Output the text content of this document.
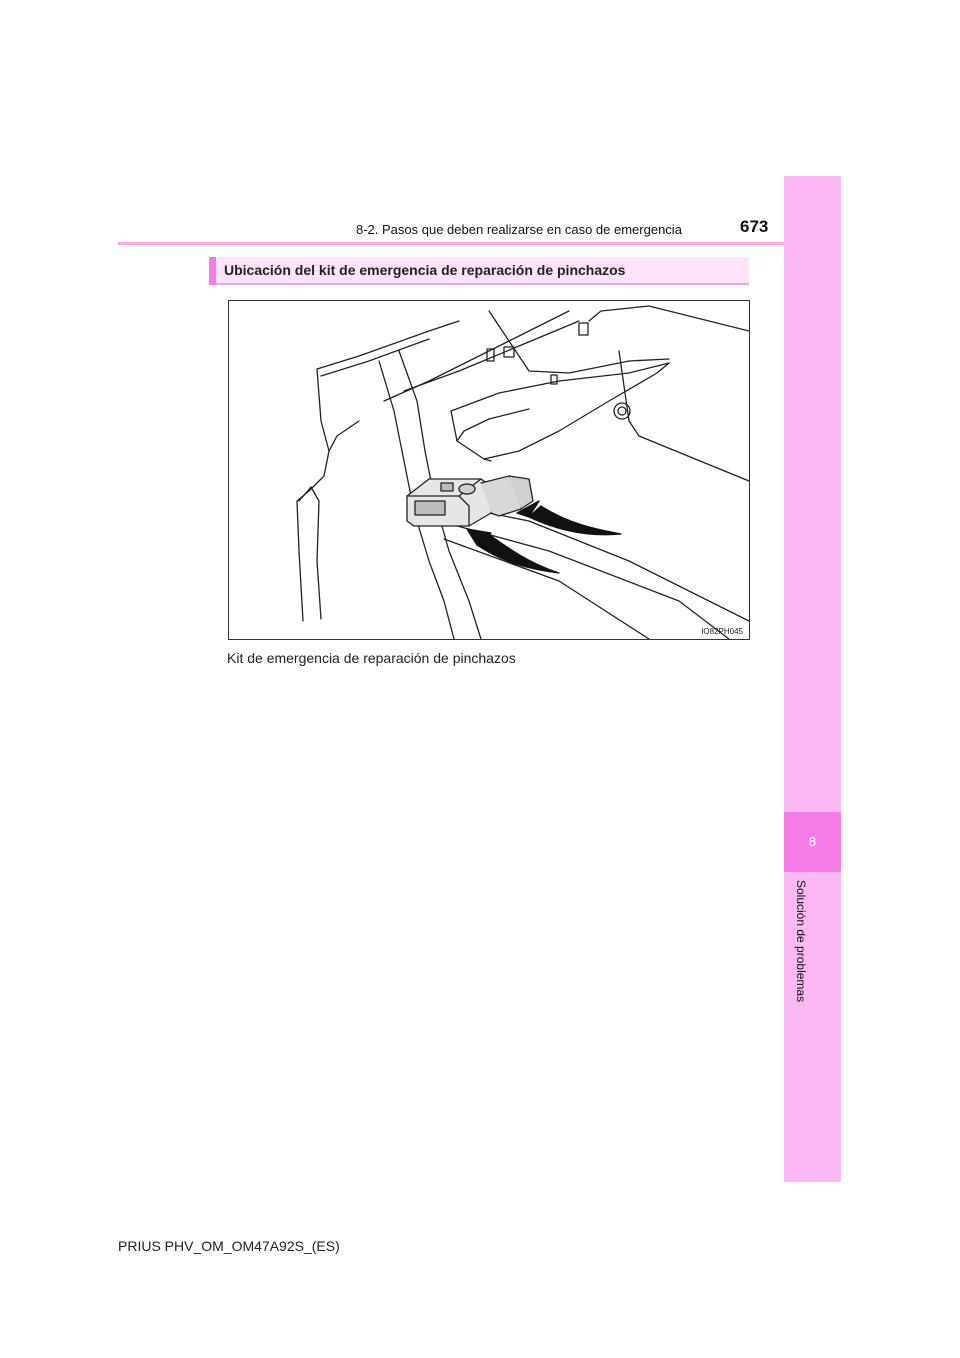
8-2. Pasos que deben realizarse en caso de emergencia	673
8
Solución de problemas
Ubicación del kit de emergencia de reparación de pinchazos
IO82PH045
Kit de emergencia de reparación de pinchazos
PRIUS PHV_OM_OM47A92S_(ES)
